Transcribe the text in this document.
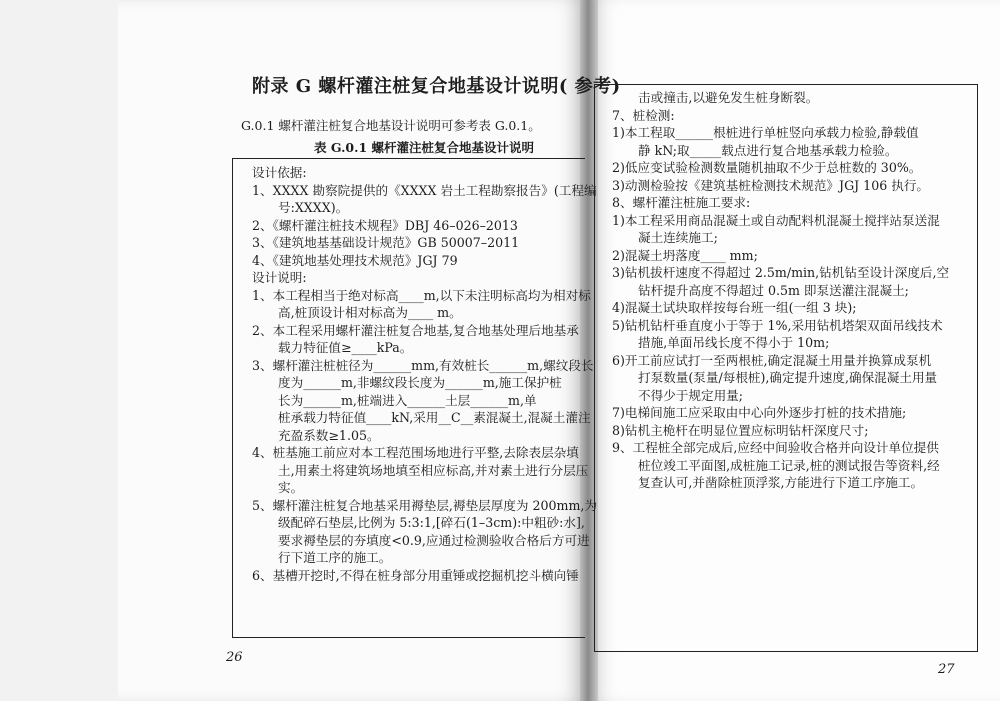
附录 G 螺杆灌注桩复合地基设计说明( 参考)
G.0.1 螺杆灌注桩复合地基设计说明可参考表 G.0.1。
表 G.0.1 螺杆灌注桩复合地基设计说明
设计依据:
1、XXXX 勘察院提供的《XXXX 岩土工程勘察报告》(工程编
号:XXXX)。
2、《螺杆灌注桩技术规程》DBJ 46–026–2013
3、《建筑地基基础设计规范》GB 50007–2011
4、《建筑地基处理技术规范》JGJ 79
设计说明:
1、本工程相当于绝对标高____m,以下未注明标高均为相对标
高,桩顶设计相对标高为____ m。
2、本工程采用螺杆灌注桩复合地基,复合地基处理后地基承
载力特征值≥____kPa。
3、螺杆灌注桩桩径为______mm,有效桩长______m,螺纹段长
度为______m,非螺纹段长度为______m,施工保护桩
长为______m,桩端进入______土层______m,单
桩承载力特征值____kN,采用__C__素混凝土,混凝土灌注
充盈系数≥1.05。
4、桩基施工前应对本工程范围场地进行平整,去除表层杂填
土,用素土将建筑场地填至相应标高,并对素土进行分层压
实。
5、螺杆灌注桩复合地基采用褥垫层,褥垫层厚度为 200mm,为
级配碎石垫层,比例为 5:3:1,[碎石(1–3cm):中粗砂:水],
要求褥垫层的夯填度<0.9,应通过检测验收合格后方可进
行下道工序的施工。
6、基槽开挖时,不得在桩身部分用重锤或挖掘机挖斗横向锤
击或撞击,以避免发生桩身断裂。
7、桩检测:
1)本工程取______根桩进行单桩竖向承载力检验,静载值
静 kN;取_____载点进行复合地基承载力检验。
2)低应变试验检测数量随机抽取不少于总桩数的 30%。
3)动测检验按《建筑基桩检测技术规范》JGJ 106 执行。
8、螺杆灌注桩施工要求:
1)本工程采用商品混凝土或自动配料机混凝土搅拌站泵送混
凝土连续施工;
2)混凝土坍落度____ mm;
3)钻机拔杆速度不得超过 2.5m/min,钻机钻至设计深度后,空
钻杆提升高度不得超过 0.5m 即泵送灌注混凝土;
4)混凝土试块取样按每台班一组(一组 3 块);
5)钻机钻杆垂直度小于等于 1%,采用钻机塔架双面吊线技术
措施,单面吊线长度不得小于 10m;
6)开工前应试打一至两根桩,确定混凝土用量并换算成泵机
打泵数量(泵量/每根桩),确定提升速度,确保混凝土用量
不得少于规定用量;
7)电梯间施工应采取由中心向外逐步打桩的技术措施;
8)钻机主桅杆在明显位置应标明钻杆深度尺寸;
9、工程桩全部完成后,应经中间验收合格并向设计单位提供
桩位竣工平面图,成桩施工记录,桩的测试报告等资料,经
复查认可,并凿除桩顶浮浆,方能进行下道工序施工。
26
27
